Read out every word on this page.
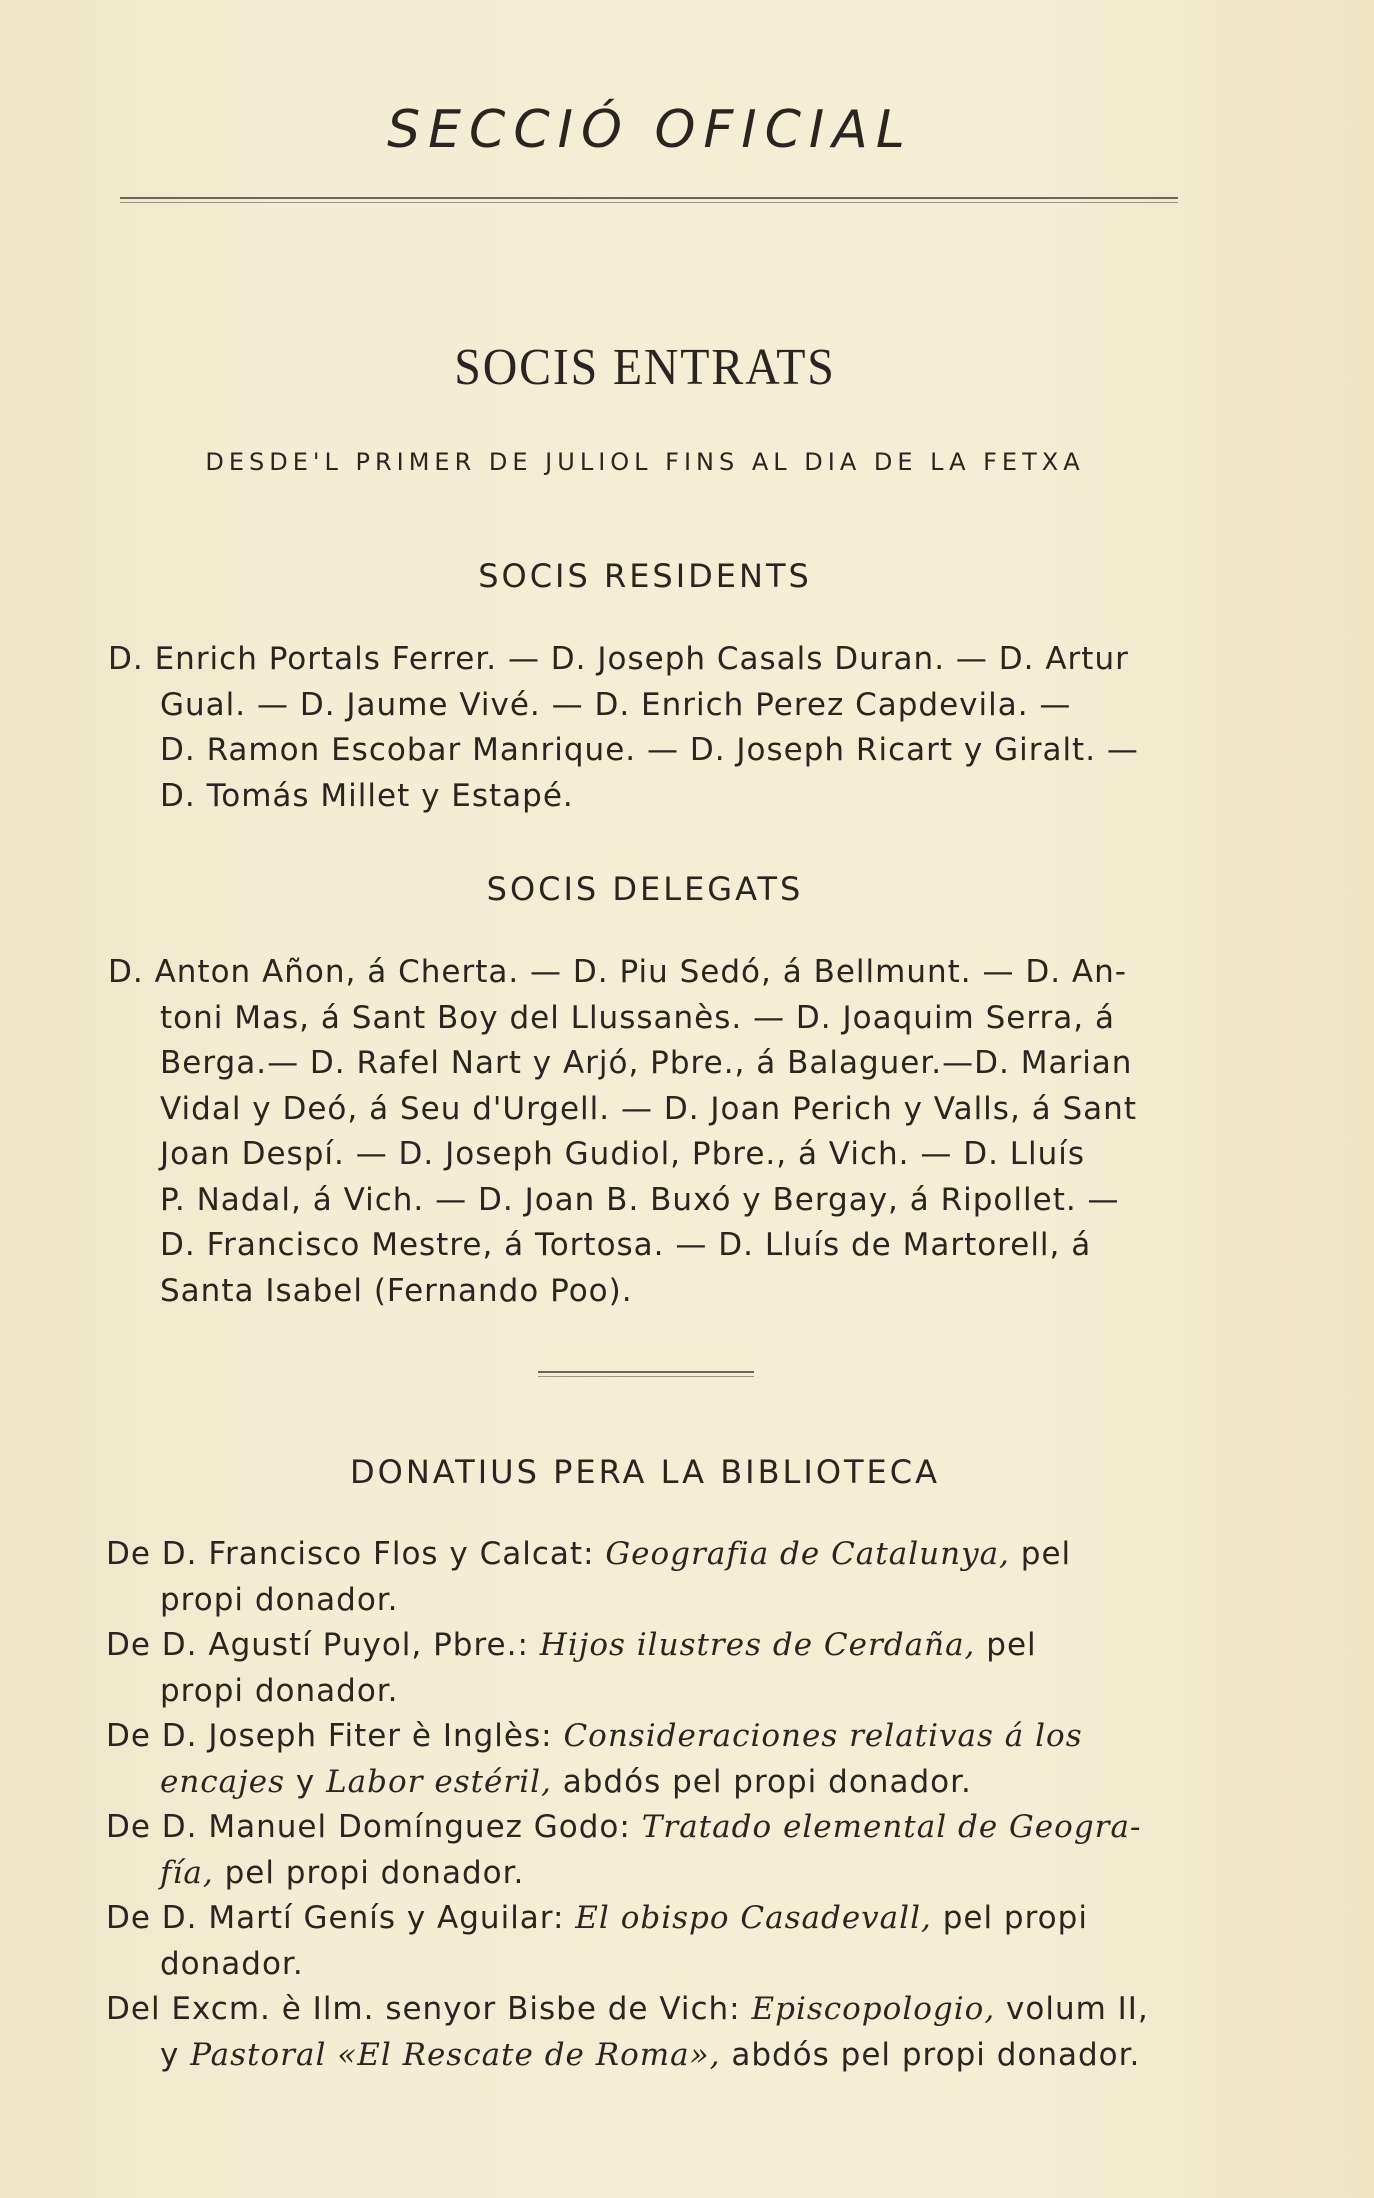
SECCIÓ OFICIAL
SOCIS ENTRATS
DESDE'L PRIMER DE JULIOL FINS AL DIA DE LA FETXA
SOCIS RESIDENTS
D. Enrich Portals Ferrer. — D. Joseph Casals Duran. — D. Artur
Gual. — D. Jaume Vivé. — D. Enrich Perez Capdevila. —
D. Ramon Escobar Manrique. — D. Joseph Ricart y Giralt. —
D. Tomás Millet y Estapé.
SOCIS DELEGATS
D. Anton Añon, á Cherta. — D. Piu Sedó, á Bellmunt. — D. An-
toni Mas, á Sant Boy del Llussanès. — D. Joaquim Serra, á
Berga.— D. Rafel Nart y Arjó, Pbre., á Balaguer.—D. Marian
Vidal y Deó, á Seu d'Urgell. — D. Joan Perich y Valls, á Sant
Joan Despí. — D. Joseph Gudiol, Pbre., á Vich. — D. Lluís
P. Nadal, á Vich. — D. Joan B. Buxó y Bergay, á Ripollet. —
D. Francisco Mestre, á Tortosa. — D. Lluís de Martorell, á
Santa Isabel (Fernando Poo).
DONATIUS PERA LA BIBLIOTECA
De D. Francisco Flos y Calcat: Geografia de Catalunya, pel
propi donador.
De D. Agustí Puyol, Pbre.: Hijos ilustres de Cerdaña, pel
propi donador.
De D. Joseph Fiter è Inglès: Consideraciones relativas á los
encajes y Labor estéril, abdós pel propi donador.
De D. Manuel Domínguez Godo: Tratado elemental de Geogra-
fía, pel propi donador.
De D. Martí Genís y Aguilar: El obispo Casadevall, pel propi
donador.
Del Excm. è Ilm. senyor Bisbe de Vich: Episcopologio, volum II,
y Pastoral «El Rescate de Roma», abdós pel propi donador.
